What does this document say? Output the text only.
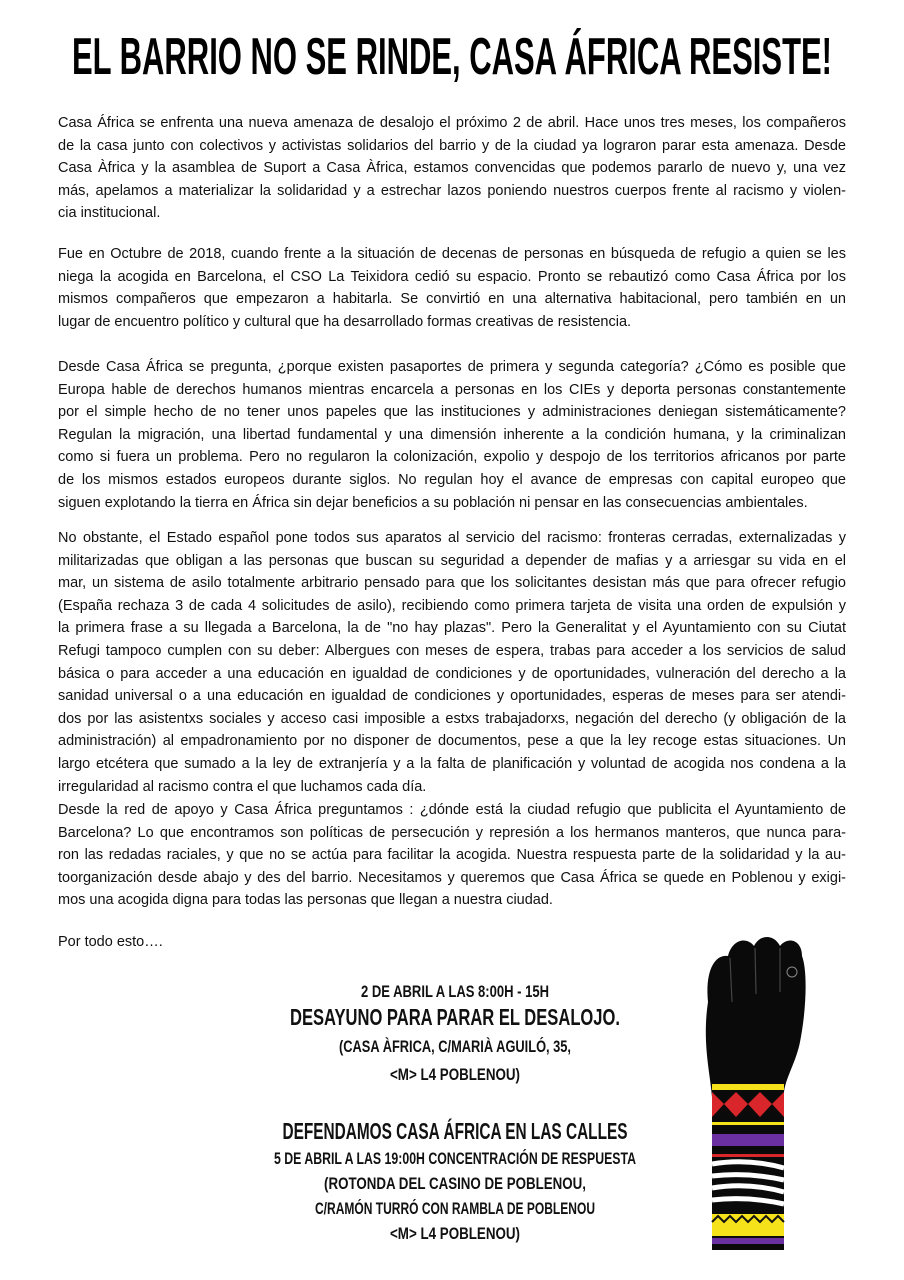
EL BARRIO NO SE RINDE, CASA ÁFRICA RESISTE!
Casa África se enfrenta una nueva amenaza de desalojo el próximo 2 de abril. Hace unos tres meses, los compañeros
de la casa junto con colectivos y activistas solidarios del barrio y de la ciudad ya lograron parar esta amenaza. Desde
Casa Àfrica y la asamblea de Suport a Casa Àfrica, estamos convencidas que podemos pararlo de nuevo y, una vez
más, apelamos a materializar la solidaridad y a estrechar lazos poniendo nuestros cuerpos frente al racismo y violen-
cia institucional.
Fue en Octubre de 2018, cuando frente a la situación de decenas de personas en búsqueda de refugio a quien se les
niega la acogida en Barcelona, el CSO La Teixidora cedió su espacio. Pronto se rebautizó como Casa África por los
mismos compañeros que empezaron a habitarla. Se convirtió en una alternativa habitacional, pero también en un
lugar de encuentro político y cultural que ha desarrollado formas creativas de resistencia.
Desde Casa África se pregunta, ¿porque existen pasaportes de primera y segunda categoría? ¿Cómo es posible que
Europa hable de derechos humanos mientras encarcela a personas en los CIEs y deporta personas constantemente
por el simple hecho de no tener unos papeles que las instituciones y administraciones deniegan sistemáticamente?
Regulan la migración, una libertad fundamental y una dimensión inherente a la condición humana, y la criminalizan
como si fuera un problema. Pero no regularon la colonización, expolio y despojo de los territorios africanos por parte
de los mismos estados europeos durante siglos. No regulan hoy el avance de empresas con capital europeo que
siguen explotando la tierra en África sin dejar beneficios a su población ni pensar en las consecuencias ambientales.
No obstante, el Estado español pone todos sus aparatos al servicio del racismo: fronteras cerradas, externalizadas y
militarizadas que obligan a las personas que buscan su seguridad a depender de mafias y a arriesgar su vida en el
mar, un sistema de asilo totalmente arbitrario pensado para que los solicitantes desistan más que para ofrecer refugio
(España rechaza 3 de cada 4 solicitudes de asilo), recibiendo como primera tarjeta de visita una orden de expulsión y
la primera frase a su llegada a Barcelona, la de "no hay plazas". Pero la Generalitat y el Ayuntamiento con su Ciutat
Refugi tampoco cumplen con su deber: Albergues con meses de espera, trabas para acceder a los servicios de salud
básica o para acceder a una educación en igualdad de condiciones y de oportunidades, vulneración del derecho a la
sanidad universal o a una educación en igualdad de condiciones y oportunidades, esperas de meses para ser atendi-
dos por las asistentxs sociales y acceso casi imposible a estxs trabajadorxs, negación del derecho (y obligación de la
administración) al empadronamiento por no disponer de documentos, pese a que la ley recoge estas situaciones. Un
largo etcétera que sumado a la ley de extranjería y a la falta de planificación y voluntad de acogida nos condena a la
irregularidad al racismo contra el que luchamos cada día.
Desde la red de apoyo y Casa África preguntamos : ¿dónde está la ciudad refugio que publicita el Ayuntamiento de
Barcelona? Lo que encontramos son políticas de persecución y represión a los hermanos manteros, que nunca para-
ron las redadas raciales, y que no se actúa para facilitar la acogida. Nuestra respuesta parte de la solidaridad y la au-
toorganización desde abajo y des del barrio. Necesitamos y queremos que Casa África se quede en Poblenou y exigi-
mos una acogida digna para todas las personas que llegan a nuestra ciudad.
Por todo esto….
2 DE ABRIL A LAS 8:00H - 15H
DESAYUNO PARA PARAR EL DESALOJO.
(CASA ÀFRICA, C/MARIÀ AGUILÓ, 35,
<M> L4 POBLENOU)
DEFENDAMOS CASA ÁFRICA EN LAS CALLES
5 DE ABRIL A LAS 19:00H CONCENTRACIÓN DE RESPUESTA
(ROTONDA DEL CASINO DE POBLENOU,
C/RAMÓN TURRÓ CON RAMBLA DE POBLENOU
<M> L4 POBLENOU)
